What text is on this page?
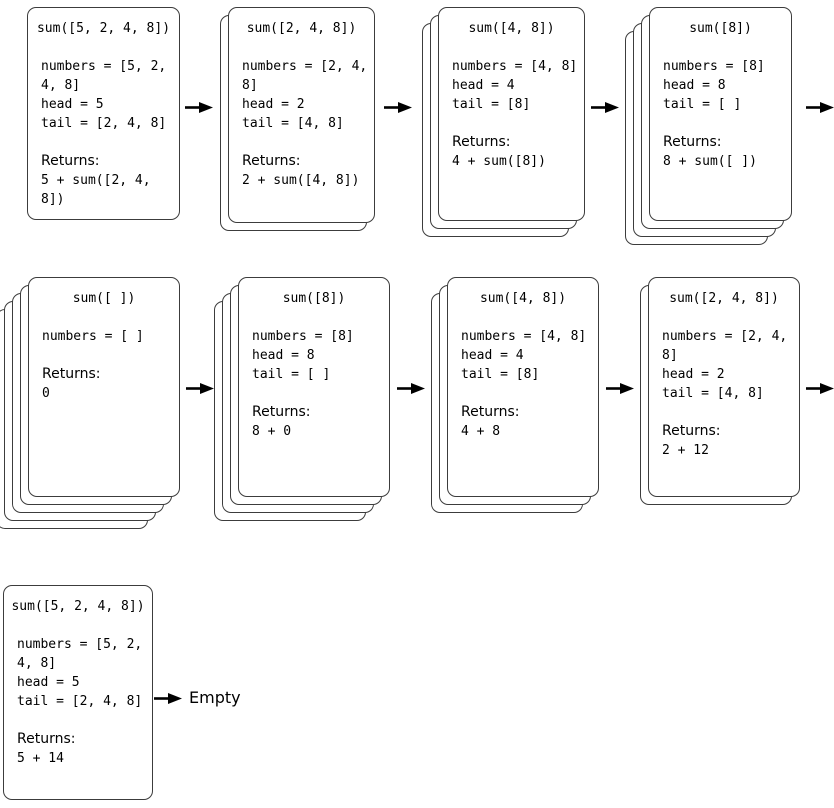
sum([5, 2, 4, 8])
numbers = [5, 2,
4, 8]
head = 5
tail = [2, 4, 8]
Returns:
5 + sum([2, 4,
8])
sum([2, 4, 8])
numbers = [2, 4,
8]
head = 2
tail = [4, 8]
Returns:
2 + sum([4, 8])
sum([4, 8])
numbers = [4, 8]
head = 4
tail = [8]
Returns:
4 + sum([8])
sum([8])
numbers = [8]
head = 8
tail = [ ]
Returns:
8 + sum([ ])
sum([ ])
numbers = [ ]
Returns:
0
sum([8])
numbers = [8]
head = 8
tail = [ ]
Returns:
8 + 0
sum([4, 8])
numbers = [4, 8]
head = 4
tail = [8]
Returns:
4 + 8
sum([2, 4, 8])
numbers = [2, 4,
8]
head = 2
tail = [4, 8]
Returns:
2 + 12
sum([5, 2, 4, 8])
numbers = [5, 2,
4, 8]
head = 5
tail = [2, 4, 8]
Returns:
5 + 14
Empty
